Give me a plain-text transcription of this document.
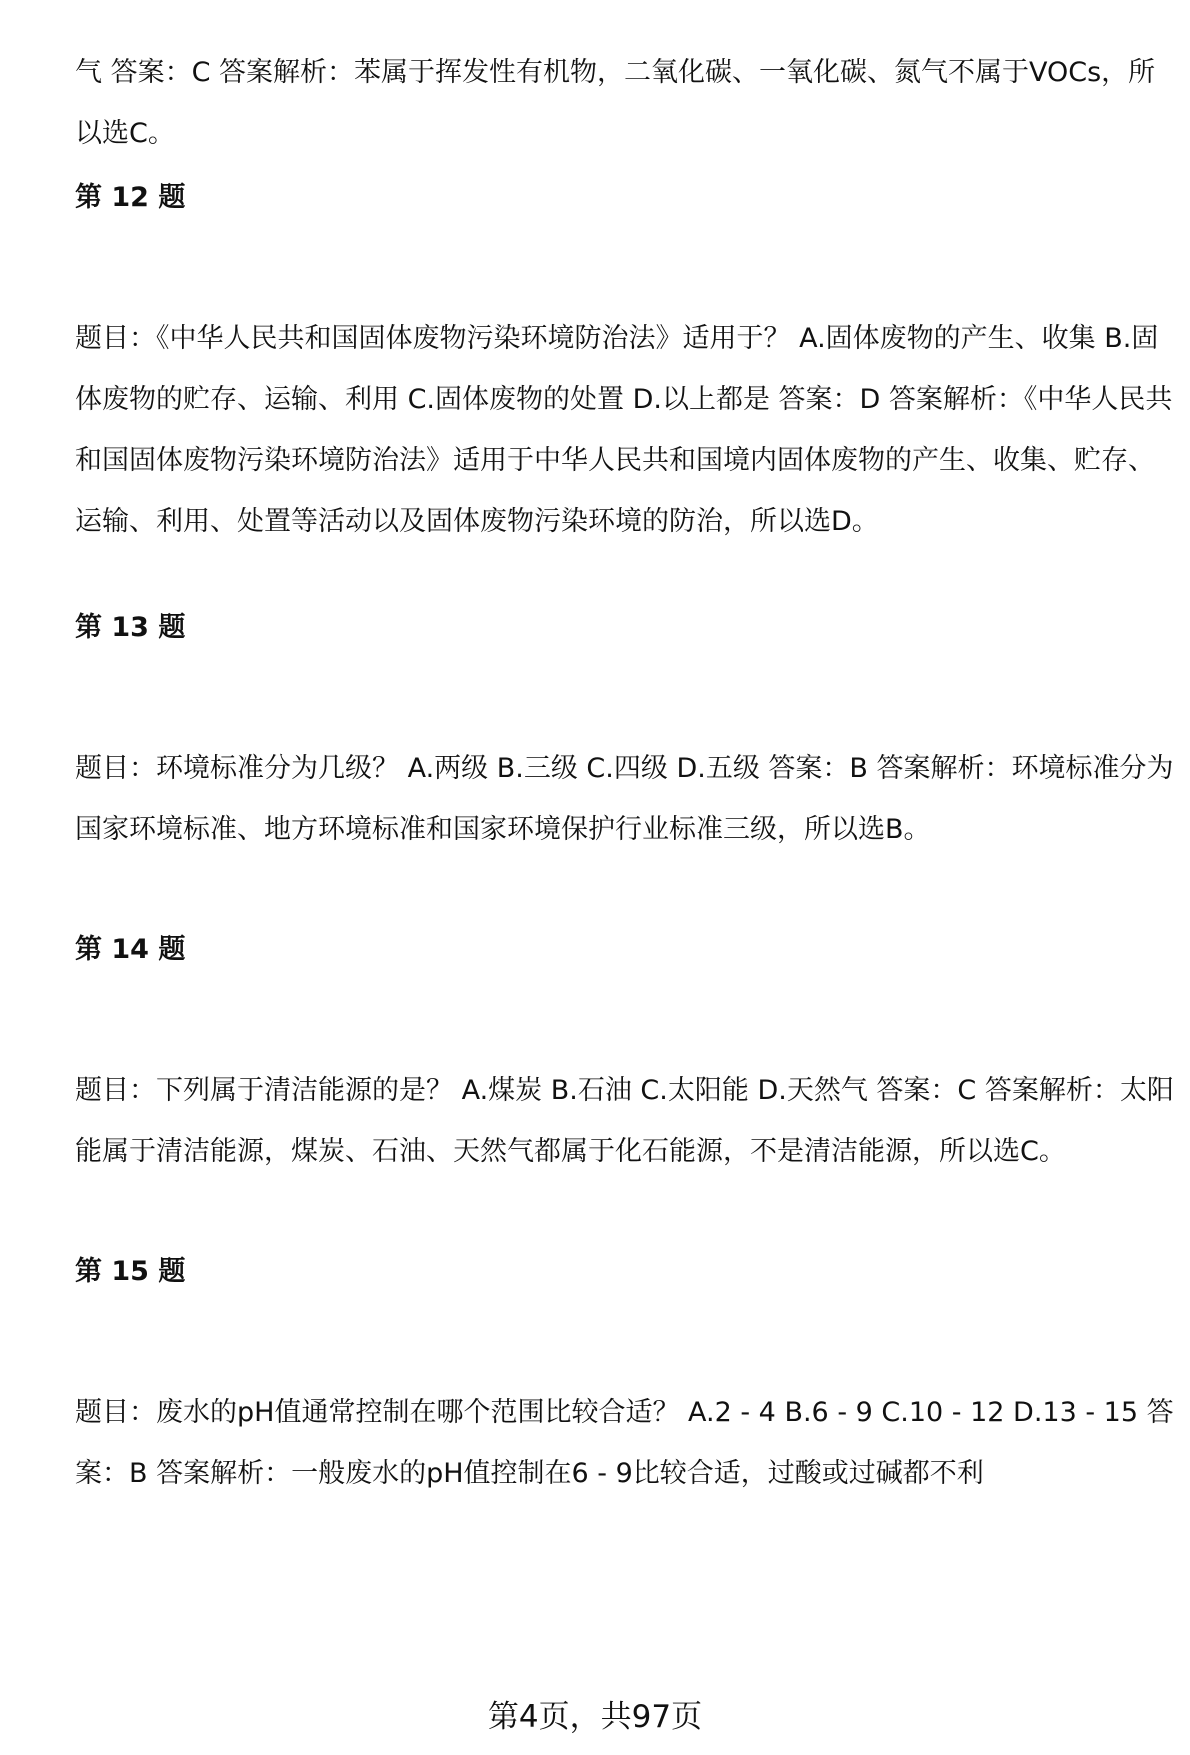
气 答案：C 答案解析：苯属于挥发性有机物，二氧化碳、一氧化碳、氮气不属于VOCs，所以选C。

第 12 题

题目：《中华人民共和国固体废物污染环境防治法》适用于？ A.固体废物的产生、收集 B.固体废物的贮存、运输、利用 C.固体废物的处置 D.以上都是 答案：D 答案解析：《中华人民共和国固体废物污染环境防治法》适用于中华人民共和国境内固体废物的产生、收集、贮存、运输、利用、处置等活动以及固体废物污染环境的防治，所以选D。

第 13 题

题目：环境标准分为几级？ A.两级 B.三级 C.四级 D.五级 答案：B 答案解析：环境标准分为国家环境标准、地方环境标准和国家环境保护行业标准三级，所以选B。

第 14 题

题目：下列属于清洁能源的是？ A.煤炭 B.石油 C.太阳能 D.天然气 答案：C 答案解析：太阳能属于清洁能源，煤炭、石油、天然气都属于化石能源，不是清洁能源，所以选C。

第 15 题

题目：废水的pH值通常控制在哪个范围比较合适？ A.2 - 4 B.6 - 9 C.10 - 12 D.13 - 15 答案：B 答案解析：一般废水的pH值控制在6 - 9比较合适，过酸或过碱都不利

第4页，共97页
